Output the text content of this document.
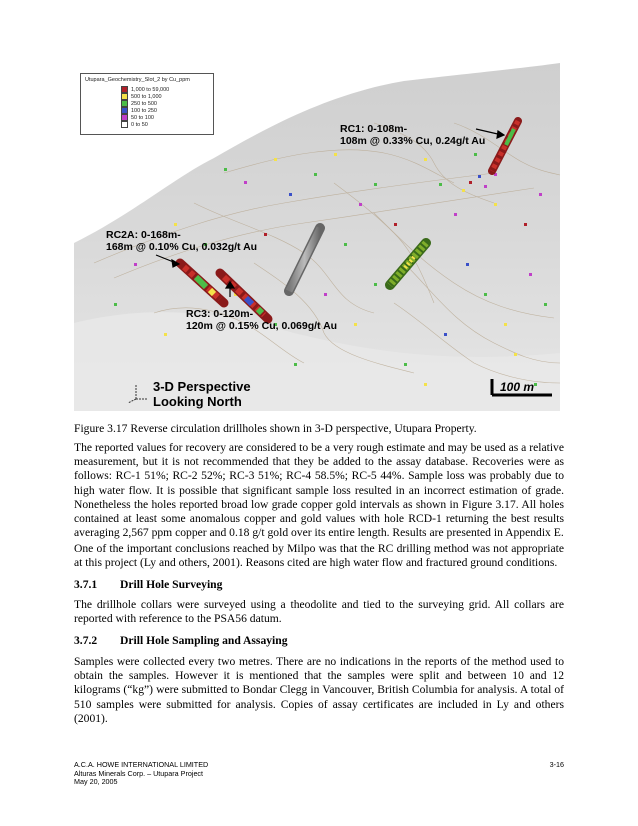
Utupara_Geochemistry_Slot_2 by Cu_ppm
1,000 to 59,000
500 to 1,000
250 to 500
100 to 250
50 to 100
0 to 50	RC1: 0-108m-
108m @ 0.33% Cu, 0.24g/t Au
RC2A: 0-168m-
168m @ 0.10% Cu, 0.032g/t Au
RC3: 0-120m-
120m @ 0.15% Cu, 0.069g/t Au
3-D Perspective
Looking North
100 m

Figure 3.17 Reverse circulation drillholes shown in 3-D perspective, Utupara Property.

The reported values for recovery are considered to be a very rough estimate and may be used as a relative measurement, but it is not recommended that they be added to the assay database. Recoveries were as follows: RC-1 51%; RC-2 52%; RC-3 51%; RC-4 58.5%; RC-5 44%. Sample loss was probably due to high water flow. It is possible that significant sample loss resulted in an incorrect estimation of grade. Nonetheless the holes reported broad low grade copper gold intervals as shown in Figure 3.17. All holes contained at least some anomalous copper and gold values with hole RCD-1 returning the best results averaging 2,567 ppm copper and 0.18 g/t gold over its entire length. Results are presented in Appendix E.

One of the important conclusions reached by Milpo was that the RC drilling method was not appropriate at this project (Ly and others, 2001). Reasons cited are high water flow and fractured ground conditions.

3.7.1 Drill Hole Surveying

The drillhole collars were surveyed using a theodolite and tied to the surveying grid. All collars are reported with reference to the PSA56 datum.

3.7.2 Drill Hole Sampling and Assaying

Samples were collected every two metres. There are no indications in the reports of the method used to obtain the samples. However it is mentioned that the samples were split and between 10 and 12 kilograms (“kg”) were submitted to Bondar Clegg in Vancouver, British Columbia for analysis. A total of 510 samples were submitted for analysis. Copies of assay certificates are included in Ly and others (2001).

A.C.A. HOWE INTERNATIONAL LIMITED
Alturas Minerals Corp. – Utupara Project
May 20, 2005
3-16
